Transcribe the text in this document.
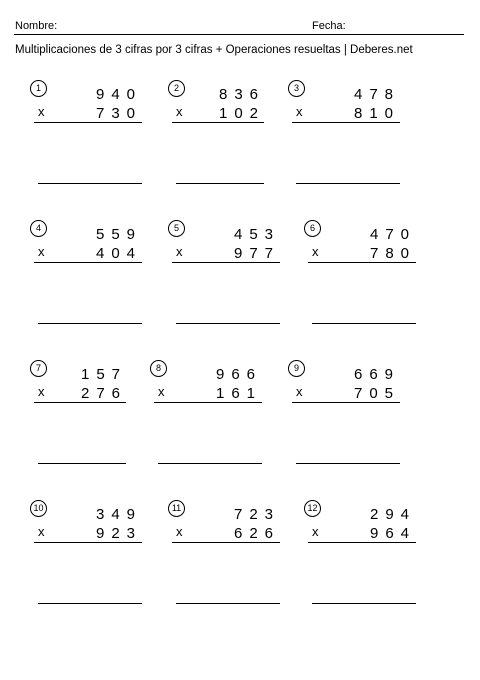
Nombre:	Fecha:
Multiplicaciones de 3 cifras por 3 cifras + Operaciones resueltas | Deberes.net
1	940
x	730
2	836
x 102
3	478
x	810
4	559
x	404
5	453
x	977
6	470
x	780
7	157
x 276
8	966
x	161
9	669
x	705
10	349
x	923
11	723
x	626
12	294
x	964
